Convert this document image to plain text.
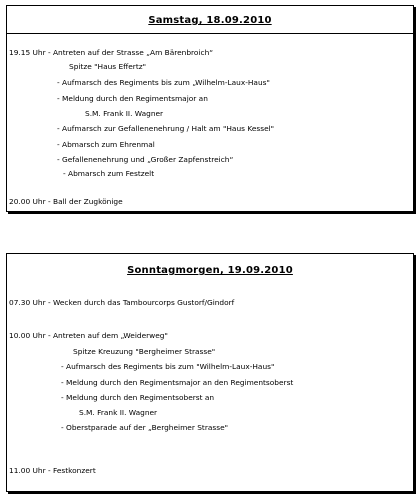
Samstag, 18.09.2010
19.15 Uhr - Antreten auf der Strasse „Am Bärenbroich“
Spitze "Haus Effertz"
- Aufmarsch des Regiments bis zum „Wilhelm-Laux-Haus"
- Meldung durch den Regimentsmajor an
S.M. Frank II. Wagner
- Aufmarsch zur Gefallenenehrung / Halt am "Haus Kessel"
- Abmarsch zum Ehrenmal
- Gefallenenehrung und „Großer Zapfenstreich“
- Abmarsch zum Festzelt
20.00 Uhr - Ball der Zugkönige
Sonntagmorgen, 19.09.2010
07.30 Uhr - Wecken durch das Tambourcorps Gustorf/Gindorf
10.00 Uhr - Antreten auf dem „Weiderweg"
Spitze Kreuzung "Bergheimer Strasse"
- Aufmarsch des Regiments bis zum "Wilhelm-Laux-Haus"
- Meldung durch den Regimentsmajor an den Regimentsoberst
- Meldung durch den Regimentsoberst an
S.M. Frank II. Wagner
- Oberstparade auf der „Bergheimer Strasse"
11.00 Uhr - Festkonzert
